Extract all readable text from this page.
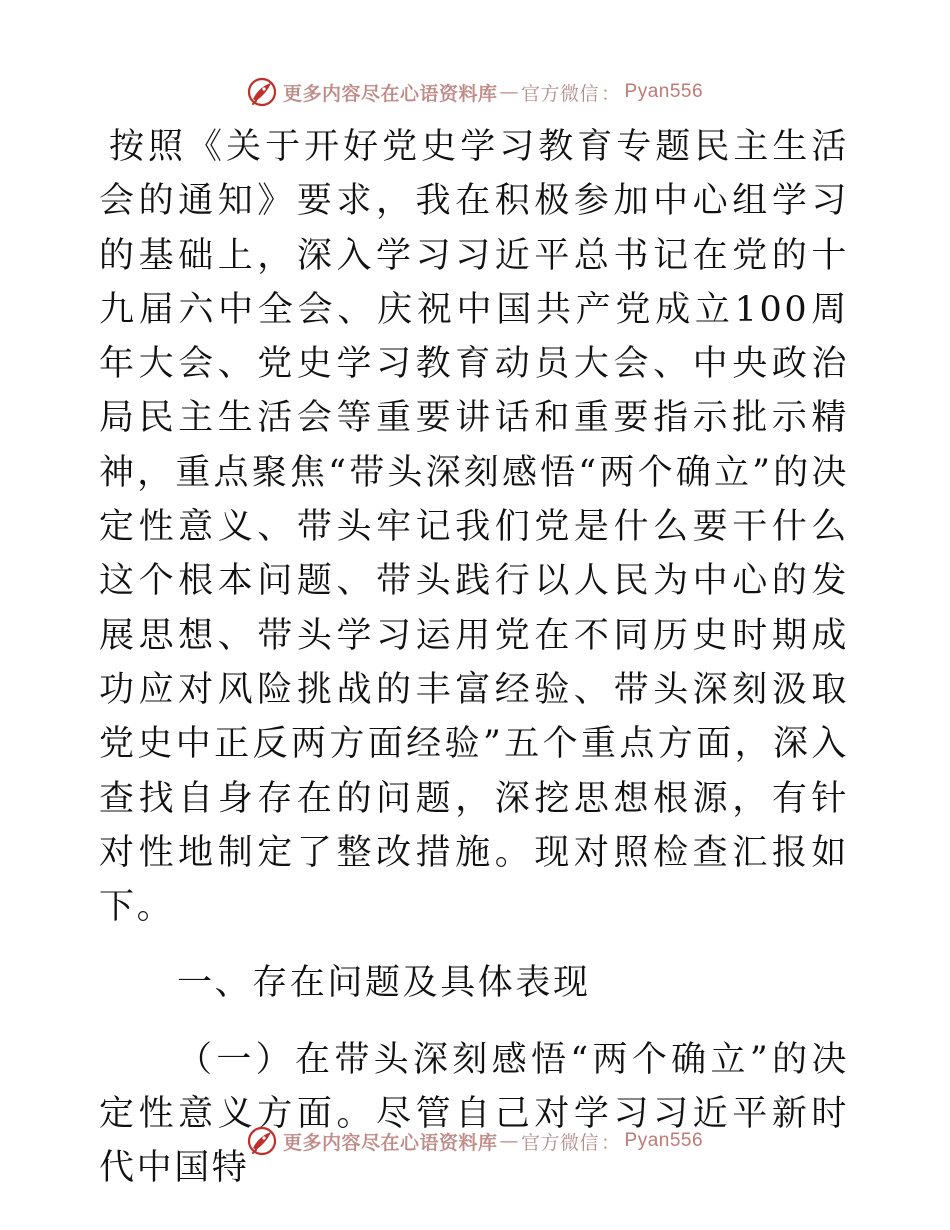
更多内容尽在心语资料库 — 官方微信 ： Pyan556

按照《关于开好党史学习教育专题民主生活会的通知》要求，我在积极参加中心组学习的基础上，深入学习习近平总书记在党的十九届六中全会、庆祝中国共产党成立100周年大会、党史学习教育动员大会、中央政治局民主生活会等重要讲话和重要指示批示精神，重点聚焦“带头深刻感悟“两个确立”的决定性意义、带头牢记我们党是什么要干什么这个根本问题、带头践行以人民为中心的发展思想、带头学习运用党在不同历史时期成功应对风险挑战的丰富经验、带头深刻汲取党史中正反两方面经验”五个重点方面，深入查找自身存在的问题，深挖思想根源，有针对性地制定了整改措施。现对照检查汇报如下。

一、存在问题及具体表现

（一）在带头深刻感悟“两个确立”的决定性意义方面。尽管自己对学习习近平新时代中国特

更多内容尽在心语资料库 — 官方微信 ： Pyan556
